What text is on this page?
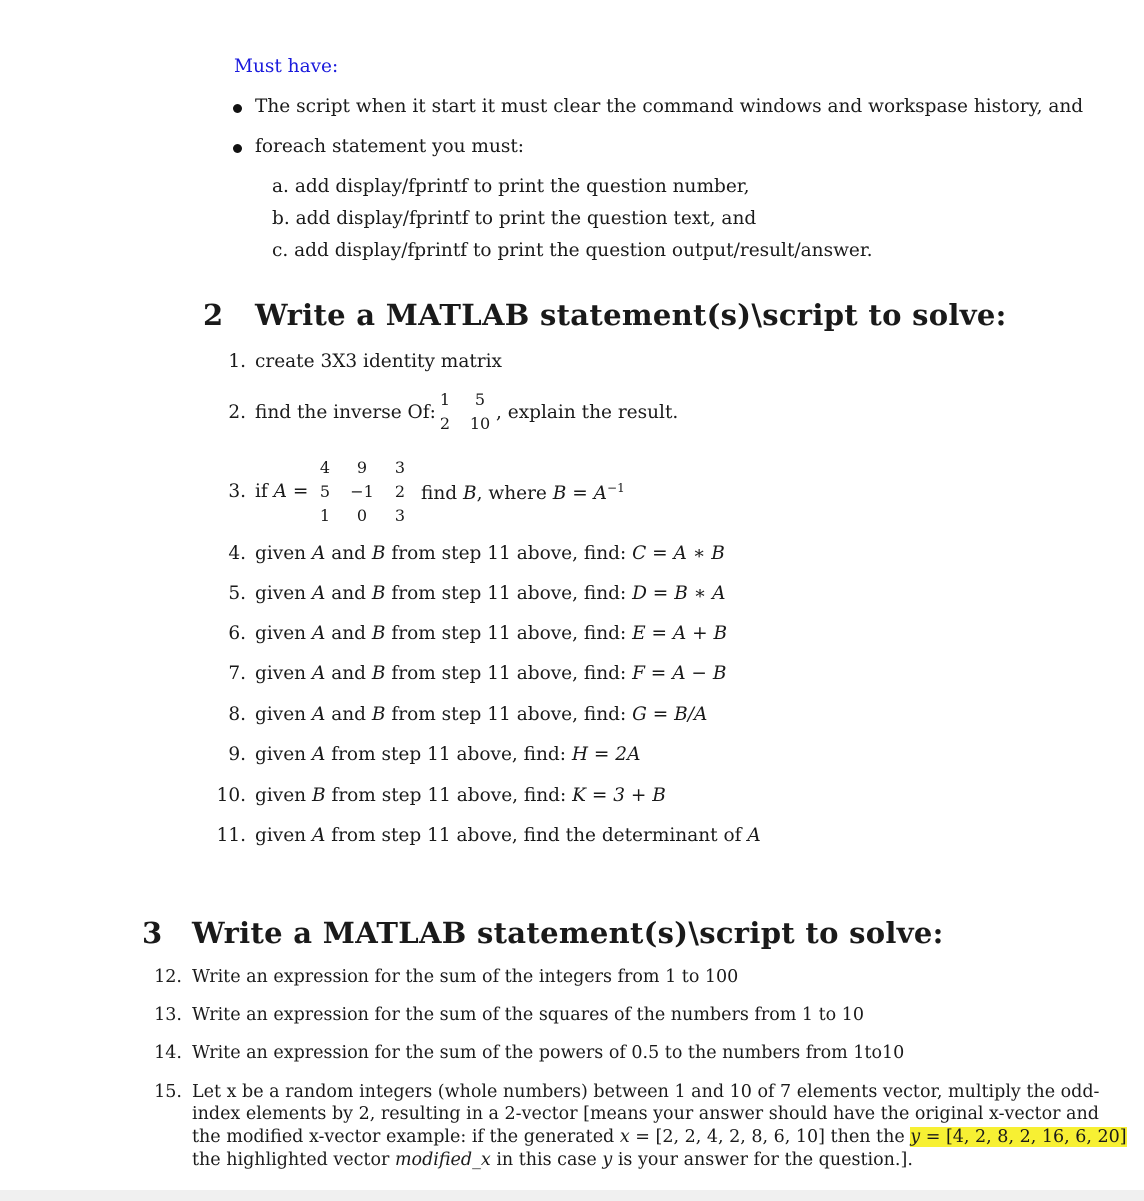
Must have:
The script when it start it must clear the command windows and workspase history, and
foreach statement you must:
a. add display/fprintf to print the question number,
b. add display/fprintf to print the question text, and
c. add display/fprintf to print the question output/result/answer.
2 Write a MATLAB statement(s)\script to solve:
1. create 3X3 identity matrix
2. find the inverse Of:
1	5
2 10
, explain the result.
3. if A =
4	9	3
5	−1	2
1	0	3
find B, where $B = A^{-1}$
4. given A and B from step 11 above, find: C = A ∗ B
5. given A and B from step 11 above, find: D = B ∗ A
6. given A and B from step 11 above, find: E = A + B
7. given A and B from step 11 above, find: F = A − B
8. given A and B from step 11 above, find: G = B/A
9. given A from step 11 above, find: H = 2A
10. given B from step 11 above, find: K = 3 + B
11. given A from step 11 above, find the determinant of A
3 Write a MATLAB statement(s)\script to solve:
12. Write an expression for the sum of the integers from 1 to 100
13. Write an expression for the sum of the squares of the numbers from 1 to 10
14. Write an expression for the sum of the powers of 0.5 to the numbers from 1to10
15. Let x be a random integers (whole numbers) between 1 and 10 of 7 elements vector, multiply the odd-
index elements by 2, resulting in a 2-vector [means your answer should have the original x-vector and
the modified x-vector example: if the generated x = [2, 2, 4, 2, 8, 6, 10] then the y = [4, 2, 8, 2, 16, 6, 20]
the highlighted vector modified_x in this case y is your answer for the question.].
